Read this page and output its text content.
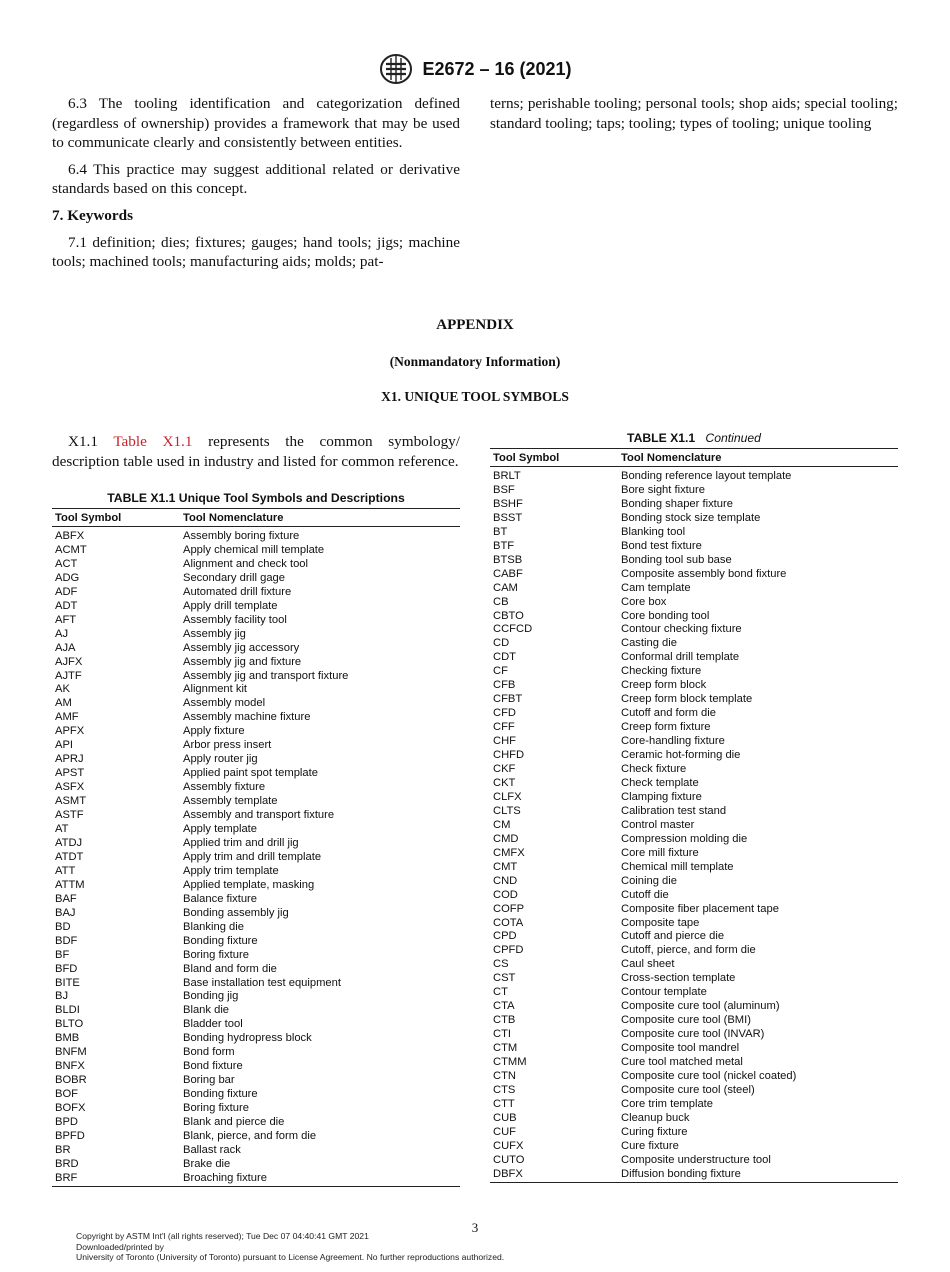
E2672 – 16 (2021)

6.3 The tooling identification and categorization defined (regardless of ownership) provides a framework that may be used to communicate clearly and consistently between entities.

6.4 This practice may suggest additional related or derivative standards based on this concept.

7. Keywords

7.1 definition; dies; fixtures; gauges; hand tools; jigs; machine tools; machined tools; manufacturing aids; molds; pat-

terns; perishable tooling; personal tools; shop aids; special tooling; standard tooling; taps; tooling; types of tooling; unique tooling

APPENDIX
(Nonmandatory Information)
X1. UNIQUE TOOL SYMBOLS

X1.1 Table X1.1 represents the common symbology/ description table used in industry and listed for common reference.

TABLE X1.1 Unique Tool Symbols and Descriptions
Tool Symbol	Tool Nomenclature
ABFX	Assembly boring fixture
ACMT	Apply chemical mill template
ACT	Alignment and check tool
ADG	Secondary drill gage
ADF	Automated drill fixture
ADT	Apply drill template
AFT	Assembly facility tool
AJ	Assembly jig
AJA	Assembly jig accessory
AJFX	Assembly jig and fixture
AJTF	Assembly jig and transport fixture
AK	Alignment kit
AM	Assembly model
AMF	Assembly machine fixture
APFX	Apply fixture
API	Arbor press insert
APRJ	Apply router jig
APST	Applied paint spot template
ASFX	Assembly fixture
ASMT	Assembly template
ASTF	Assembly and transport fixture
AT	Apply template
ATDJ	Applied trim and drill jig
ATDT	Apply trim and drill template
ATT	Apply trim template
ATTM	Applied template, masking
BAF	Balance fixture
BAJ	Bonding assembly jig
BD	Blanking die
BDF	Bonding fixture
BF	Boring fixture
BFD	Bland and form die
BITE	Base installation test equipment
BJ	Bonding jig
BLDI	Blank die
BLTO	Bladder tool
BMB	Bonding hydropress block
BNFM	Bond form
BNFX	Bond fixture
BOBR	Boring bar
BOF	Bonding fixture
BOFX	Boring fixture
BPD	Blank and pierce die
BPFD	Blank, pierce, and form die
BR	Ballast rack
BRD	Brake die
BRF	Broaching fixture
TABLE X1.1 Continued
Tool Symbol	Tool Nomenclature
BRLT	Bonding reference layout template
BSF	Bore sight fixture
BSHF	Bonding shaper fixture
BSST	Bonding stock size template
BT	Blanking tool
BTF	Bond test fixture
BTSB	Bonding tool sub base
CABF	Composite assembly bond fixture
CAM	Cam template
CB	Core box
CBTO	Core bonding tool
CCFCD	Contour checking fixture
CD	Casting die
CDT	Conformal drill template
CF	Checking fixture
CFB	Creep form block
CFBT	Creep form block template
CFD	Cutoff and form die
CFF	Creep form fixture
CHF	Core-handling fixture
CHFD	Ceramic hot-forming die
CKF	Check fixture
CKT	Check template
CLFX	Clamping fixture
CLTS	Calibration test stand
CM	Control master
CMD	Compression molding die
CMFX	Core mill fixture
CMT	Chemical mill template
CND	Coining die
COD	Cutoff die
COFP	Composite fiber placement tape
COTA	Composite tape
CPD	Cutoff and pierce die
CPFD	Cutoff, pierce, and form die
CS	Caul sheet
CST	Cross-section template
CT	Contour template
CTA	Composite cure tool (aluminum)
CTB	Composite cure tool (BMI)
CTI	Composite cure tool (INVAR)
CTM	Composite tool mandrel
CTMM	Cure tool matched metal
CTN	Composite cure tool (nickel coated)
CTS	Composite cure tool (steel)
CTT	Core trim template
CUB	Cleanup buck
CUF	Curing fixture
CUFX	Cure fixture
CUTO	Composite understructure tool
DBFX	Diffusion bonding fixture
3
Copyright by ASTM Int'l (all rights reserved); Tue Dec 07 04:40:41 GMT 2021
Downloaded/printed by
University of Toronto (University of Toronto) pursuant to License Agreement. No further reproductions authorized.
